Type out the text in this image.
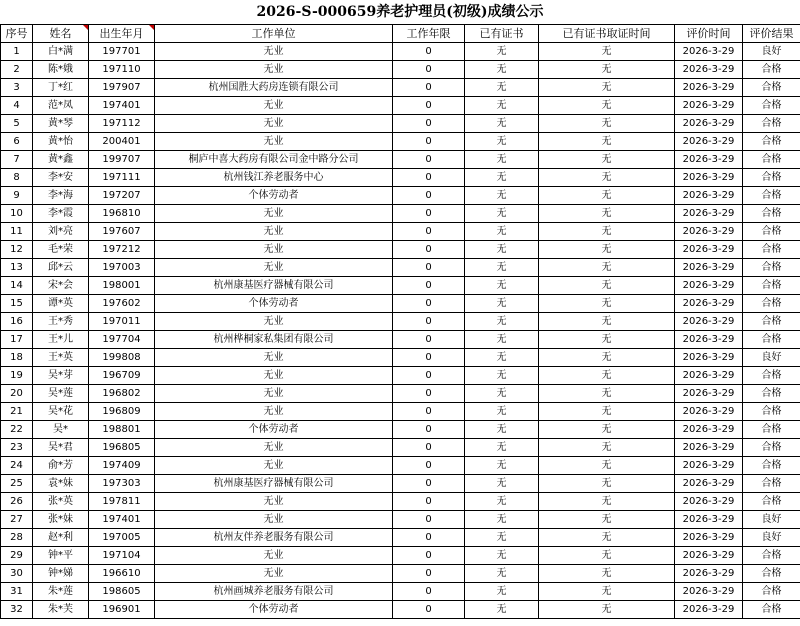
2026-S-000659养老护理员(初级)成绩公示
序号	姓名	出生年月	工作单位	工作年限	已有证书	已有证书取证时间	评价时间	评价结果
1	白*满	197701	无业	0	无	无	2026-3-29	良好
2	陈*娥	197110	无业	0	无	无	2026-3-29	合格
3	丁*红	197907	杭州国胜大药房连锁有限公司	0	无	无	2026-3-29	合格
4	范*凤	197401	无业	0	无	无	2026-3-29	合格
5	黄*琴	197112	无业	0	无	无	2026-3-29	合格
6	黄*怡	200401	无业	0	无	无	2026-3-29	合格
7	黄*鑫	199707	桐庐中喜大药房有限公司金中路分公司	0	无	无	2026-3-29	合格
8	李*安	197111	杭州钱江养老服务中心	0	无	无	2026-3-29	合格
9	李*海	197207	个体劳动者	0	无	无	2026-3-29	合格
10	李*霞	196810	无业	0	无	无	2026-3-29	合格
11	刘*亮	197607	无业	0	无	无	2026-3-29	合格
12	毛*荣	197212	无业	0	无	无	2026-3-29	合格
13	邱*云	197003	无业	0	无	无	2026-3-29	合格
14	宋*会	198001	杭州康基医疗器械有限公司	0	无	无	2026-3-29	合格
15	谭*英	197602	个体劳动者	0	无	无	2026-3-29	合格
16	王*秀	197011	无业	0	无	无	2026-3-29	合格
17	王*儿	197704	杭州桦桐家私集团有限公司	0	无	无	2026-3-29	合格
18	王*英	199808	无业	0	无	无	2026-3-29	良好
19	吴*芽	196709	无业	0	无	无	2026-3-29	合格
20	吴*莲	196802	无业	0	无	无	2026-3-29	合格
21	吴*花	196809	无业	0	无	无	2026-3-29	合格
22	吴*	198801	个体劳动者	0	无	无	2026-3-29	合格
23	吴*君	196805	无业	0	无	无	2026-3-29	合格
24	俞*芳	197409	无业	0	无	无	2026-3-29	合格
25	袁*妹	197303	杭州康基医疗器械有限公司	0	无	无	2026-3-29	合格
26	张*英	197811	无业	0	无	无	2026-3-29	合格
27	张*妹	197401	无业	0	无	无	2026-3-29	良好
28	赵*利	197005	杭州友伴养老服务有限公司	0	无	无	2026-3-29	良好
29	钟*平	197104	无业	0	无	无	2026-3-29	合格
30	钟*娣	196610	无业	0	无	无	2026-3-29	合格
31	朱*莲	198605	杭州画城养老服务有限公司	0	无	无	2026-3-29	合格
32	朱*芙	196901	个体劳动者	0	无	无	2026-3-29	合格
